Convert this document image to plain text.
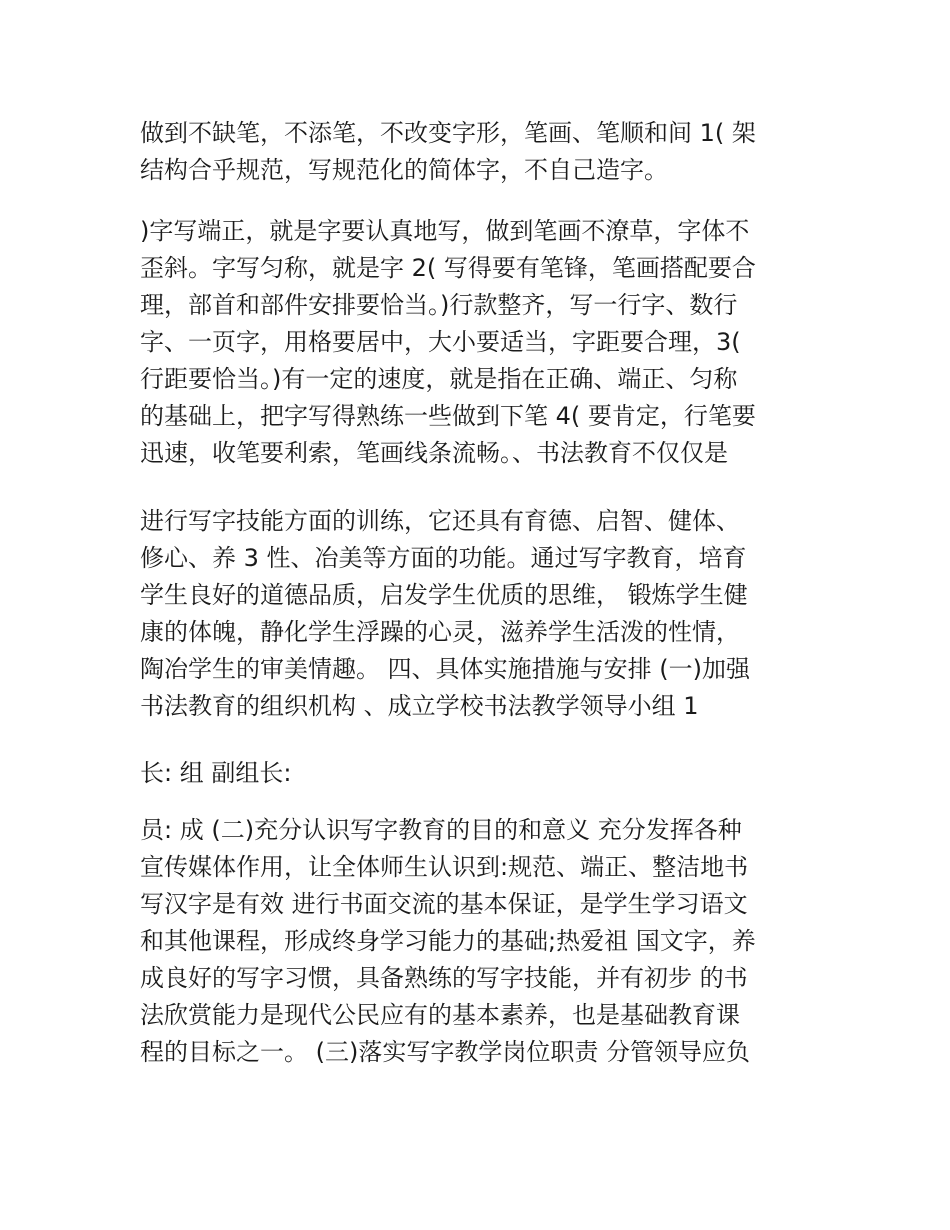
做到不缺笔，不添笔，不改变字形，笔画、笔顺和间 1( 架
结构合乎规范，写规范化的简体字，不自己造字。
)字写端正，就是字要认真地写，做到笔画不潦草，字体不
歪斜。字写匀称，就是字 2( 写得要有笔锋，笔画搭配要合
理，部首和部件安排要恰当。)行款整齐，写一行字、数行
字、一页字，用格要居中，大小要适当，字距要合理，3(
行距要恰当。)有一定的速度，就是指在正确、端正、匀称
的基础上，把字写得熟练一些做到下笔 4( 要肯定，行笔要
迅速，收笔要利索，笔画线条流畅。、书法教育不仅仅是
进行写字技能方面的训练，它还具有育德、启智、健体、
修心、养 3 性、冶美等方面的功能。通过写字教育，培育
学生良好的道德品质，启发学生优质的思维， 锻炼学生健
康的体魄，静化学生浮躁的心灵，滋养学生活泼的性情，
陶冶学生的审美情趣。 四、具体实施措施与安排 (一)加强
书法教育的组织机构 、成立学校书法教学领导小组 1
长: 组 副组长:
员: 成 (二)充分认识写字教育的目的和意义 充分发挥各种
宣传媒体作用，让全体师生认识到:规范、端正、整洁地书
写汉字是有效 进行书面交流的基本保证，是学生学习语文
和其他课程，形成终身学习能力的基础;热爱祖 国文字，养
成良好的写字习惯，具备熟练的写字技能，并有初步 的书
法欣赏能力是现代公民应有的基本素养，也是基础教育课
程的目标之一。 (三)落实写字教学岗位职责 分管领导应负
